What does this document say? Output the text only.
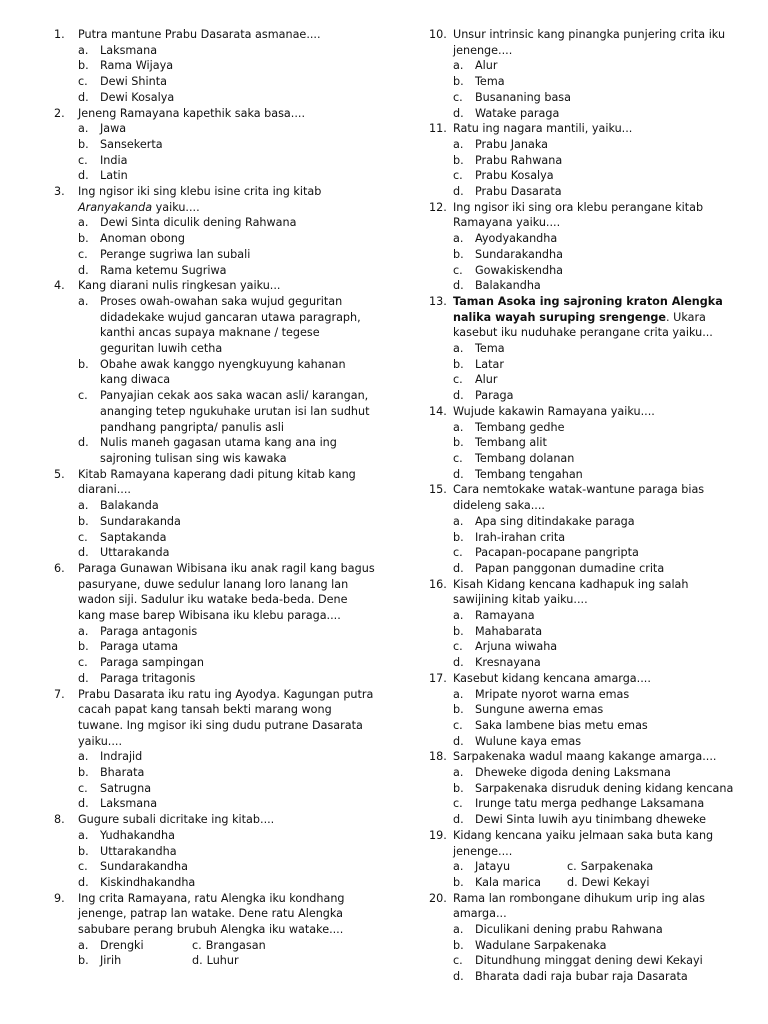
1.	Putra mantune Prabu Dasarata asmanae....
a.	Laksmana
b.	Rama Wijaya
c.	Dewi Shinta
d.	Dewi Kosalya
2.	Jeneng Ramayana kapethik saka basa....
a.	Jawa
b.	Sansekerta
c.	India
d.	Latin
3.	Ing ngisor iki sing klebu isine crita ing kitab Aranyakanda yaiku....
a.	Dewi Sinta diculik dening Rahwana
b.	Anoman obong
c.	Perange sugriwa lan subali
d.	Rama ketemu Sugriwa
4.	Kang diarani nulis ringkesan yaiku...
a.	Proses owah-owahan saka wujud geguritan didadekake wujud gancaran utawa paragraph, kanthi ancas supaya maknane / tegese geguritan luwih cetha
b.	Obahe awak kanggo nyengkuyung kahanan kang diwaca
c.	Panyajian cekak aos saka wacan asli/ karangan, ananging tetep ngukuhake urutan isi lan sudhut pandhang pangripta/ panulis asli
d.	Nulis maneh gagasan utama kang ana ing sajroning tulisan sing wis kawaka
5.	Kitab Ramayana kaperang dadi pitung kitab kang diarani....
a.	Balakanda
b.	Sundarakanda
c.	Saptakanda
d.	Uttarakanda
6.	Paraga Gunawan Wibisana iku anak ragil kang bagus pasuryane, duwe sedulur lanang loro lanang lan wadon siji. Sadulur iku watake beda-beda. Dene kang mase barep Wibisana iku klebu paraga....
a.	Paraga antagonis
b.	Paraga utama
c.	Paraga sampingan
d.	Paraga tritagonis
7.	Prabu Dasarata iku ratu ing Ayodya. Kagungan putra cacah papat kang tansah bekti marang wong tuwane. Ing mgisor iki sing dudu putrane Dasarata yaiku....
a.	Indrajid
b.	Bharata
c.	Satrugna
d.	Laksmana
8.	Gugure subali dicritake ing kitab....
a.	Yudhakandha
b.	Uttarakandha
c.	Sundarakandha
d.	Kiskindhakandha
9.	Ing crita Ramayana, ratu Alengka iku kondhang jenenge, patrap lan watake. Dene ratu Alengka sabubare perang brubuh Alengka iku watake....
a.	Drengki	c. Brangasan
b.	Jirih	d. Luhur
10. Unsur intrinsic kang pinangka punjering crita iku jenenge....
a.	Alur
b.	Tema
c.	Busananing basa
d.	Watake paraga
11. Ratu ing nagara mantili, yaiku...
a.	Prabu Janaka
b.	Prabu Rahwana
c.	Prabu Kosalya
d.	Prabu Dasarata
12. Ing ngisor iki sing ora klebu perangane kitab Ramayana yaiku....
a.	Ayodyakandha
b.	Sundarakandha
c.	Gowakiskendha
d.	Balakandha
13. Taman Asoka ing sajroning kraton Alengka nalika wayah suruping srengenge. Ukara kasebut iku nuduhake perangane crita yaiku...
a.	Tema
b.	Latar
c.	Alur
d.	Paraga
14. Wujude kakawin Ramayana yaiku....
a.	Tembang gedhe
b.	Tembang alit
c.	Tembang dolanan
d.	Tembang tengahan
15. Cara nemtokake watak-wantune paraga bias dideleng saka....
a.	Apa sing ditindakake paraga
b.	Irah-irahan crita
c.	Pacapan-pocapane pangripta
d.	Papan panggonan dumadine crita
16. Kisah Kidang kencana kadhapuk ing salah sawijining kitab yaiku....
a.	Ramayana
b.	Mahabarata
c.	Arjuna wiwaha
d.	Kresnayana
17. Kasebut kidang kencana amarga....
a.	Mripate nyorot warna emas
b.	Sungune awerna emas
c.	Saka lambene bias metu emas
d.	Wulune kaya emas
18. Sarpakenaka wadul maang kakange amarga....
a.	Dheweke digoda dening Laksmana
b.	Sarpakenaka disruduk dening kidang kencana
c.	Irunge tatu merga pedhange Laksamana
d.	Dewi Sinta luwih ayu tinimbang dheweke
19. Kidang kencana yaiku jelmaan saka buta kang jenenge....
a.	Jatayu	c. Sarpakenaka
b.	Kala marica d. Dewi Kekayi
20. Rama lan rombongane dihukum urip ing alas amarga...
a.	Diculikani dening prabu Rahwana
b.	Wadulane Sarpakenaka
c.	Ditundhung minggat dening dewi Kekayi
d.	Bharata dadi raja bubar raja Dasarata
